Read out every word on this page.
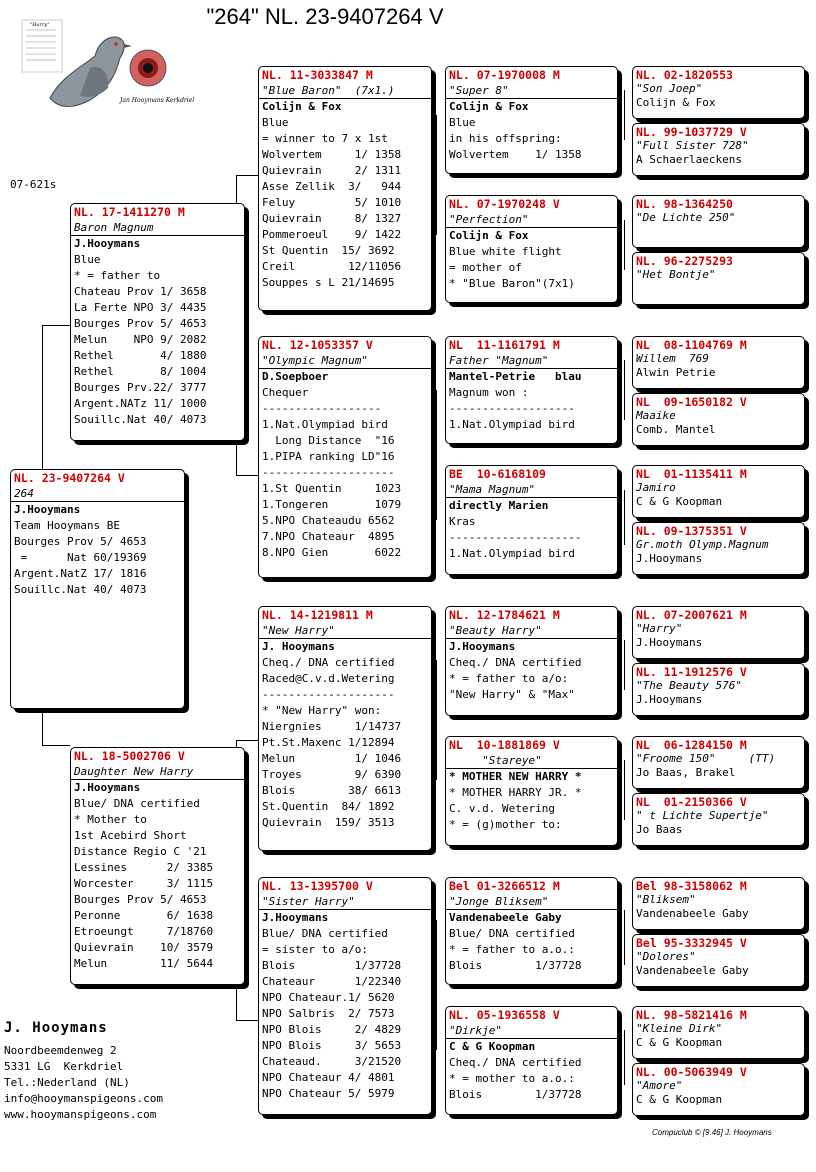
"264" NL. 23-9407264 V
"Harry"
Jan Hooymans Kerkdriel
07-621s
NL. 23-9407264 V
264
J.Hooymans
Team Hooymans BE
Bourges Prov 5/ 4653
=      Nat 60/19369
Argent.NatZ 17/ 1816
Souillc.Nat 40/ 4073
NL. 17-1411270 M
Baron Magnum
J.Hooymans
Blue
* = father to
Chateau Prov 1/ 3658
La Ferte NPO 3/ 4435
Bourges Prov 5/ 4653
Melun    NPO 9/ 2082
Rethel       4/ 1880
Rethel       8/ 1004
Bourges Prv.22/ 3777
Argent.NATz 11/ 1000
Souillc.Nat 40/ 4073
NL. 18-5002706 V
Daughter New Harry
J.Hooymans
Blue/ DNA certified
* Mother to
1st Acebird Short
Distance Regio C '21
Lessines      2/ 3385
Worcester     3/ 1115
Bourges Prov 5/ 4653
Peronne       6/ 1638
Etroeungt     7/18760
Quievrain    10/ 3579
Melun        11/ 5644
NL. 11-3033847 M
"Blue Baron"  (7x1.)
Colijn & Fox
Blue
= winner to 7 x 1st
Wolvertem     1/ 1358
Quievrain     2/ 1311
Asse Zellik  3/   944
Feluy         5/ 1010
Quievrain     8/ 1327
Pommeroeul    9/ 1422
St Quentin  15/ 3692
Creil        12/11056
Souppes s L 21/14695
NL. 12-1053357 V
"Olympic Magnum"
D.Soepboer
Chequer
------------------
1.Nat.Olympiad bird
Long Distance  "16
1.PIPA ranking LD"16
--------------------
1.St Quentin     1023
1.Tongeren       1079
5.NPO Chateaudu 6562
7.NPO Chateaur  4895
8.NPO Gien       6022
NL. 14-1219811 M
"New Harry"
J. Hooymans
Cheq./ DNA certified
Raced@C.v.d.Wetering
--------------------
* "New Harry" won:
Niergnies     1/14737
Pt.St.Maxenc 1/12894
Melun         1/ 1046
Troyes        9/ 6390
Blois        38/ 6613
St.Quentin  84/ 1892
Quievrain  159/ 3513
NL. 13-1395700 V
"Sister Harry"
J.Hooymans
Blue/ DNA certified
= sister to a/o:
Blois         1/37728
Chateaur      1/22340
NPO Chateaur.1/ 5620
NPO Salbris  2/ 7573
NPO Blois     2/ 4829
NPO Blois     3/ 5653
Chateaud.     3/21520
NPO Chateaur 4/ 4801
NPO Chateaur 5/ 5979
NL. 07-1970008 M
"Super 8"
Colijn & Fox
Blue
in his offspring:
Wolvertem    1/ 1358
NL. 07-1970248 V
"Perfection"
Colijn & Fox
Blue white flight
= mother of
* "Blue Baron"(7x1)
NL  11-1161791 M
Father "Magnum"
Mantel-Petrie   blau
Magnum won :
-------------------
1.Nat.Olympiad bird
BE  10-6168109
"Mama Magnum"
directly Marien
Kras
--------------------
1.Nat.Olympiad bird
NL. 12-1784621 M
"Beauty Harry"
J.Hooymans
Cheq./ DNA certified
* = father to a/o:
"New Harry" & "Max"
NL  10-1881869 V
"Stareye"
* MOTHER NEW HARRY *
* MOTHER HARRY JR. *
C. v.d. Wetering
* = (g)mother to:
Bel 01-3266512 M
"Jonge Bliksem"
Vandenabeele Gaby
Blue/ DNA certified
* = father to a.o.:
Blois        1/37728
NL. 05-1936558 V
"Dirkje"
C & G Koopman
Cheq./ DNA certified
* = mother to a.o.:
Blois        1/37728
NL. 02-1820553
"Son Joep"
Colijn & Fox
NL. 99-1037729 V
"Full Sister 728"
A Schaerlaeckens
NL. 98-1364250
"De Lichte 250"
NL. 96-2275293
"Het Bontje"
NL  08-1104769 M
Willem  769
Alwin Petrie
NL  09-1650182 V
Maaike
Comb. Mantel
NL  01-1135411 M
Jamiro
C & G Koopman
NL. 09-1375351 V
Gr.moth Olymp.Magnum
J.Hooymans
NL. 07-2007621 M
"Harry"
J.Hooymans
NL. 11-1912576 V
"The Beauty 576"
J.Hooymans
NL  06-1284150 M
"Froome 150"     (TT)
Jo Baas, Brakel
NL  01-2150366 V
" t Lichte Supertje"
Jo Baas
Bel 98-3158062 M
"Bliksem"
Vandenabeele Gaby
Bel 95-3332945 V
"Dolores"
Vandenabeele Gaby
NL. 98-5821416 M
"Kleine Dirk"
C & G Koopman
NL. 00-5063949 V
"Amore"
C & G Koopman
J. Hooymans
Noordbeemdenweg 2
5331 LG  Kerkdriel
Tel.:Nederland (NL)
info@hooymanspigeons.com
www.hooymanspigeons.com
Compuclub © [9.46] J. Hooymans
